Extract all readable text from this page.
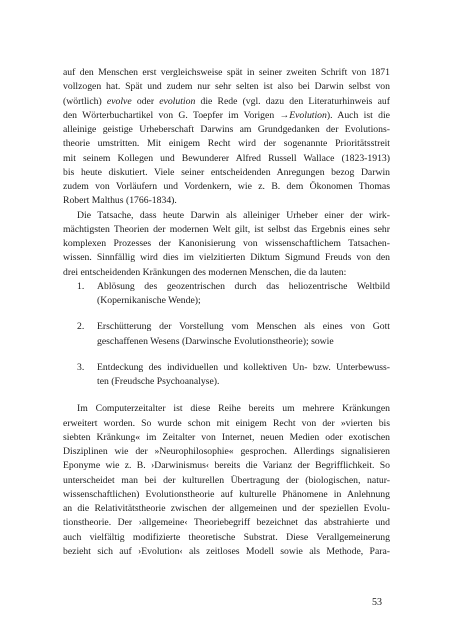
auf den Menschen erst vergleichsweise spät in seiner zweiten Schrift von 1871
vollzogen hat. Spät und zudem nur sehr selten ist also bei Darwin selbst von
(wörtlich) evolve oder evolution die Rede (vgl. dazu den Literaturhinweis auf
den Wörterbuchartikel von G. Toepfer im Vorigen →Evolution). Auch ist die
alleinige geistige Urheberschaft Darwins am Grundgedanken der Evolutions-
theorie umstritten. Mit einigem Recht wird der sogenannte Prioritätsstreit
mit seinem Kollegen und Bewunderer Alfred Russell Wallace (1823-1913)
bis heute diskutiert. Viele seiner entscheidenden Anregungen bezog Darwin
zudem von Vorläufern und Vordenkern, wie z. B. dem Ökonomen Thomas
Robert Malthus (1766-1834).

Die Tatsache, dass heute Darwin als alleiniger Urheber einer der wirk-
mächtigsten Theorien der modernen Welt gilt, ist selbst das Ergebnis eines sehr
komplexen Prozesses der Kanonisierung von wissenschaftlichem Tatsachen-
wissen. Sinnfällig wird dies im vielzitierten Diktum Sigmund Freuds von den
drei entscheidenden Kränkungen des modernen Menschen, die da lauten:

1. Ablösung des geozentrischen durch das heliozentrische Weltbild
(Kopernikanische Wende);
2. Erschütterung der Vorstellung vom Menschen als eines von Gott
geschaffenen Wesens (Darwinsche Evolutionstheorie); sowie
3. Entdeckung des individuellen und kollektiven Un- bzw. Unterbewuss-
ten (Freudsche Psychoanalyse).

Im Computerzeitalter ist diese Reihe bereits um mehrere Kränkungen
erweitert worden. So wurde schon mit einigem Recht von der »vierten bis
siebten Kränkung« im Zeitalter von Internet, neuen Medien oder exotischen
Disziplinen wie der »Neurophilosophie« gesprochen. Allerdings signalisieren
Eponyme wie z. B. ›Darwinismus‹ bereits die Varianz der Begrifflichkeit. So
unterscheidet man bei der kulturellen Übertragung der (biologischen, natur-
wissenschaftlichen) Evolutionstheorie auf kulturelle Phänomene in Anlehnung
an die Relativitätstheorie zwischen der allgemeinen und der speziellen Evolu-
tionstheorie. Der ›allgemeine‹ Theoriebegriff bezeichnet das abstrahierte und
auch vielfältig modifizierte theoretische Substrat. Diese Verallgemeinerung
bezieht sich auf ›Evolution‹ als zeitloses Modell sowie als Methode, Para-

53
